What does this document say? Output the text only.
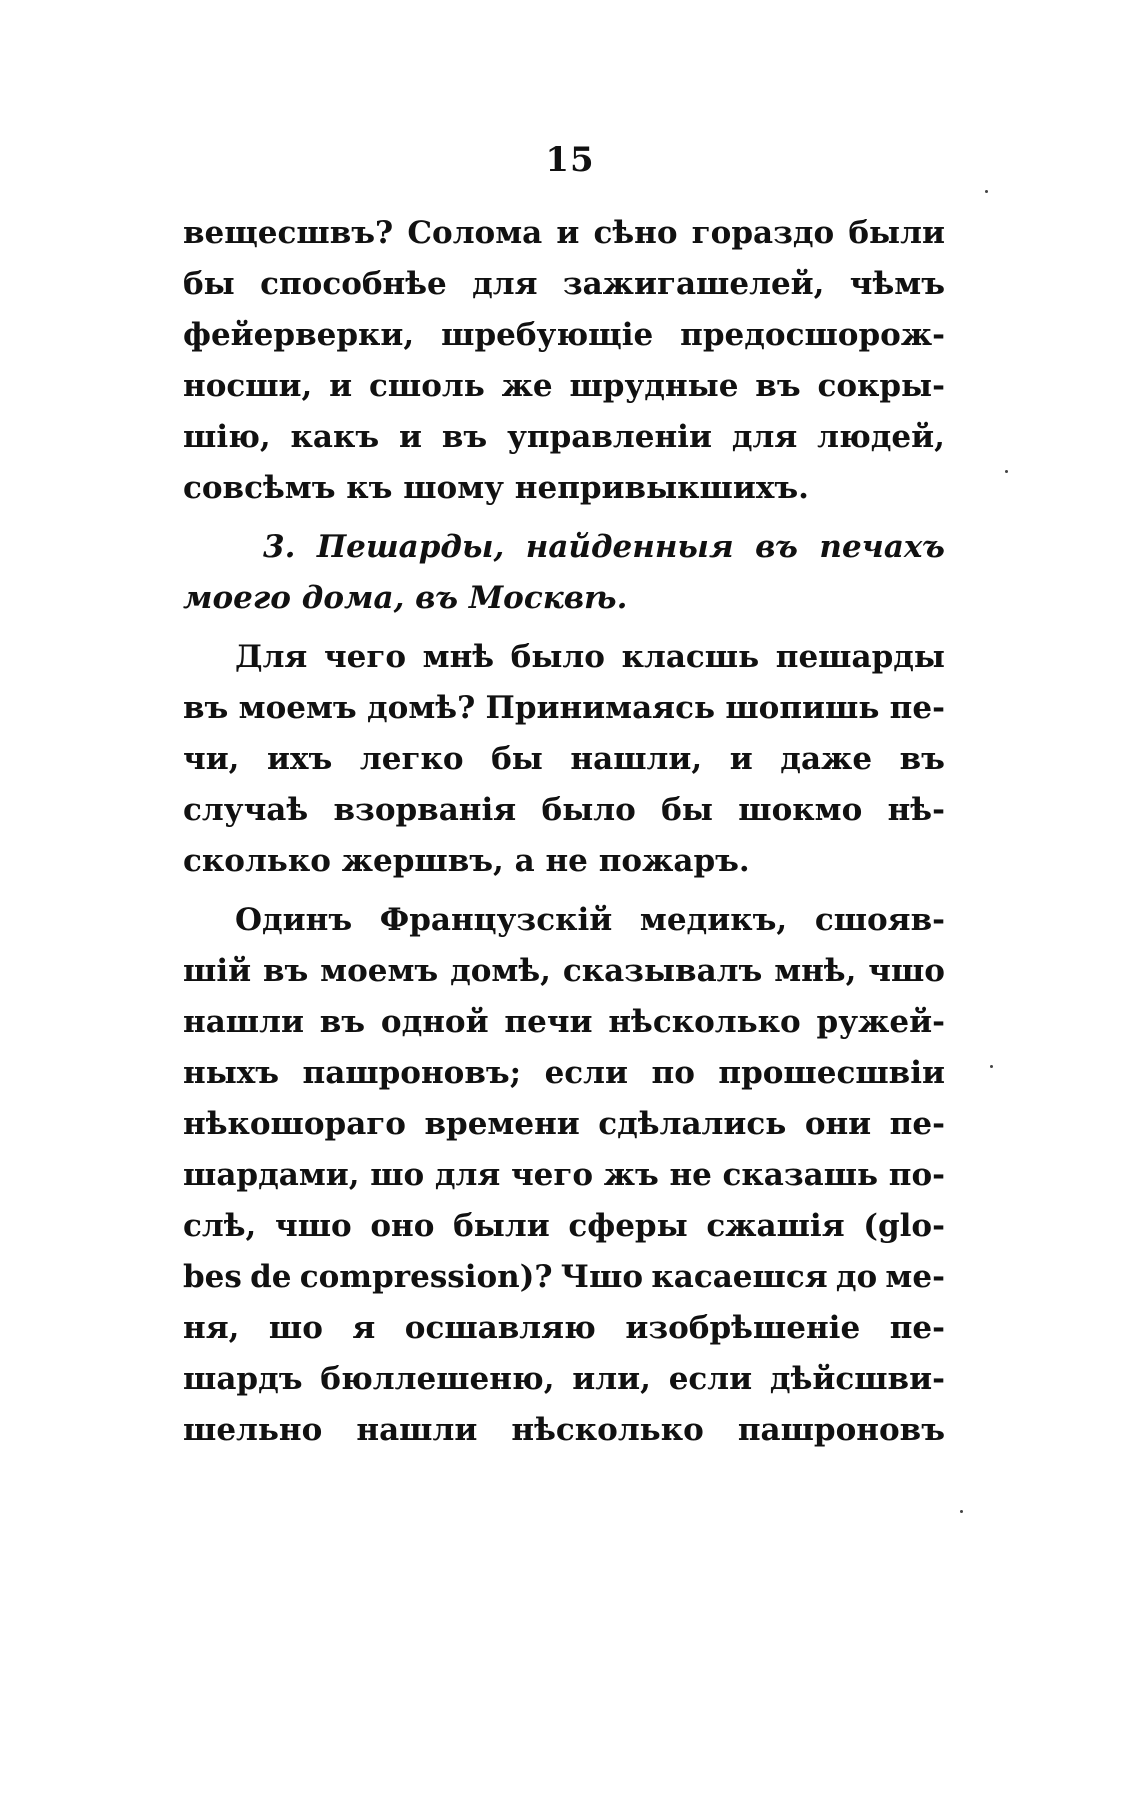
15
вещесшвъ? Солома и сѣно гораздо были
бы способнѣе для зажигашелей, чѣмъ
фейерверки, шребующіе предосшорож-
носши, и сшоль же шрудные въ сокры-
шію, какъ и въ управленіи для людей,
совсѣмъ къ шому непривыкшихъ.
3. Пешарды, найденныя въ печахъ
моего дома, въ Москвѣ.
Для чего мнѣ было класшь пешарды
въ моемъ домѣ? Принимаясь шопишь пе-
чи, ихъ легко бы нашли, и даже въ
случаѣ взорванія было бы шокмо нѣ-
сколько жершвъ, а не пожаръ.
Одинъ Французскій медикъ, сшояв-
шій въ моемъ домѣ, сказывалъ мнѣ, чшо
нашли въ одной печи нѣсколько ружей-
ныхъ пашроновъ; если по прошесшвіи
нѣкошораго времени сдѣлались они пе-
шардами, шо для чего жъ не сказашь по-
слѣ, чшо оно были сферы сжашія (glo-
bes de compression)? Чшо касаешся до ме-
ня, шо я осшавляю изобрѣшеніе пе-
шардъ бюллешеню, или, если дѣйсшви-
шельно нашли нѣсколько пашроновъ
